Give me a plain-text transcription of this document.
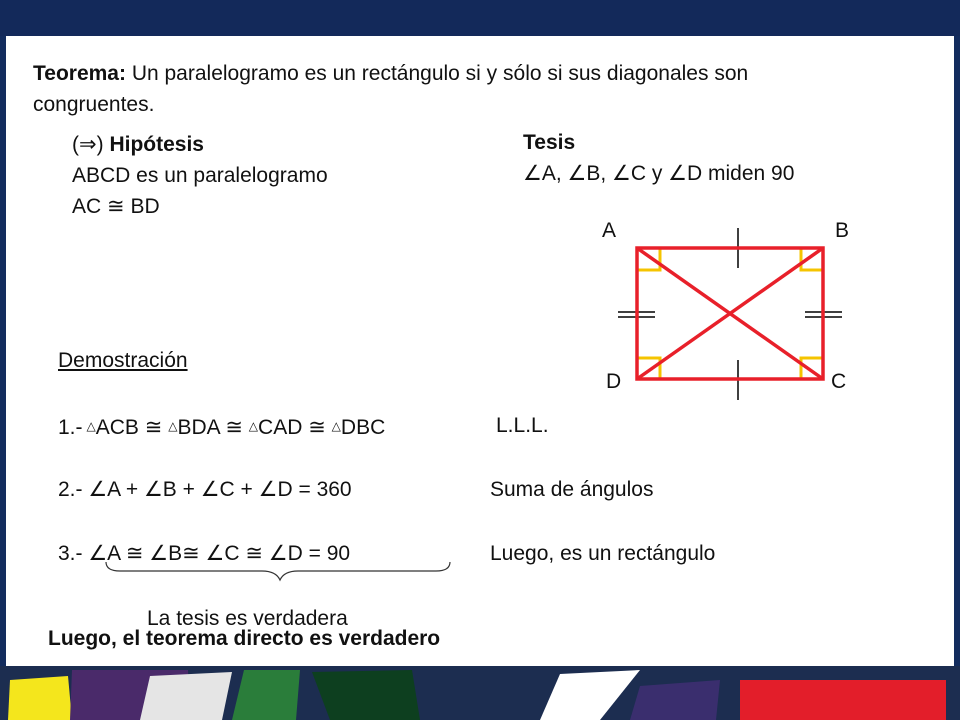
Teorema: Un paralelogramo es un rectángulo si y sólo si sus diagonales son congruentes.
(⇒) Hipótesis
ABCD es un paralelogramo
AC ≅ BD
Tesis
∠A, ∠B, ∠C y ∠D miden 90
A	B
D	C
Demostración
1.- △ACB ≅ △BDA ≅ △CAD ≅ △DBC	L.L.L.
2.- ∠A + ∠B + ∠C + ∠D = 360	Suma de ángulos
3.- ∠A ≅ ∠B≅ ∠C ≅ ∠D = 90	Luego, es un rectángulo
La tesis es verdadera
Luego, el teorema directo es verdadero
